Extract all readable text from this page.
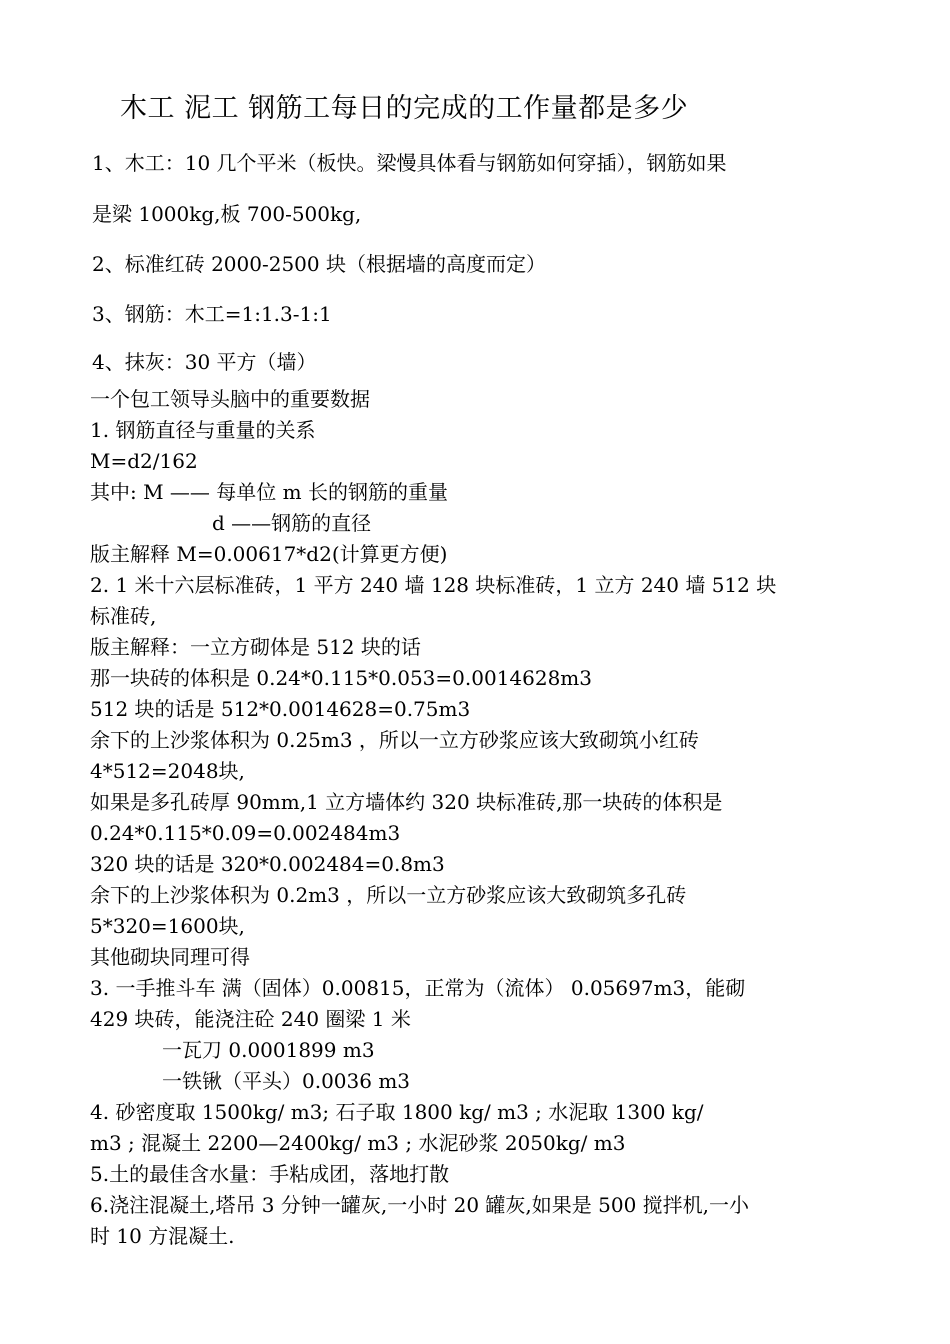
木工 泥工 钢筋工每日的完成的工作量都是多少

1、木工：10 几个平米（板快。梁慢具体看与钢筋如何穿插），钢筋如果

是梁 1000kg,板 700-500kg,

2、标准红砖 2000-2500 块（根据墙的高度而定）

3、钢筋：木工=1:1.3-1:1

4、抹灰：30 平方（墙）

一个包工领导头脑中的重要数据

1. 钢筋直径与重量的关系

M=d2/162

其中: M —— 每单位 m 长的钢筋的重量

d ——钢筋的直径

版主解释 M=0.00617*d2(计算更方便)

2. 1 米十六层标准砖，1 平方 240 墙 128 块标准砖，1 立方 240 墙 512 块

标准砖,

版主解释：一立方砌体是 512 块的话

那一块砖的体积是 0.24*0.115*0.053=0.0014628m3

512 块的话是 512*0.0014628=0.75m3

余下的上沙浆体积为 0.25m3 ，所以一立方砂浆应该大致砌筑小红砖

4*512=2048块,

如果是多孔砖厚 90mm,1 立方墙体约 320 块标准砖,那一块砖的体积是

0.24*0.115*0.09=0.002484m3

320 块的话是 320*0.002484=0.8m3

余下的上沙浆体积为 0.2m3 ，所以一立方砂浆应该大致砌筑多孔砖

5*320=1600块,

其他砌块同理可得

3. 一手推斗车 满（固体）0.00815，正常为（流体） 0.05697m3，能砌

429 块砖，能浇注砼 240 圈梁 1 米

一瓦刀 0.0001899 m3

一铁锹（平头）0.0036 m3

4. 砂密度取 1500kg/ m3; 石子取 1800 kg/ m3 ; 水泥取 1300 kg/

m3 ; 混凝土 2200—2400kg/ m3 ; 水泥砂浆 2050kg/ m3

5.土的最佳含水量：手粘成团，落地打散

6.浇注混凝土,塔吊 3 分钟一罐灰,一小时 20 罐灰,如果是 500 搅拌机,一小

时 10 方混凝土.
